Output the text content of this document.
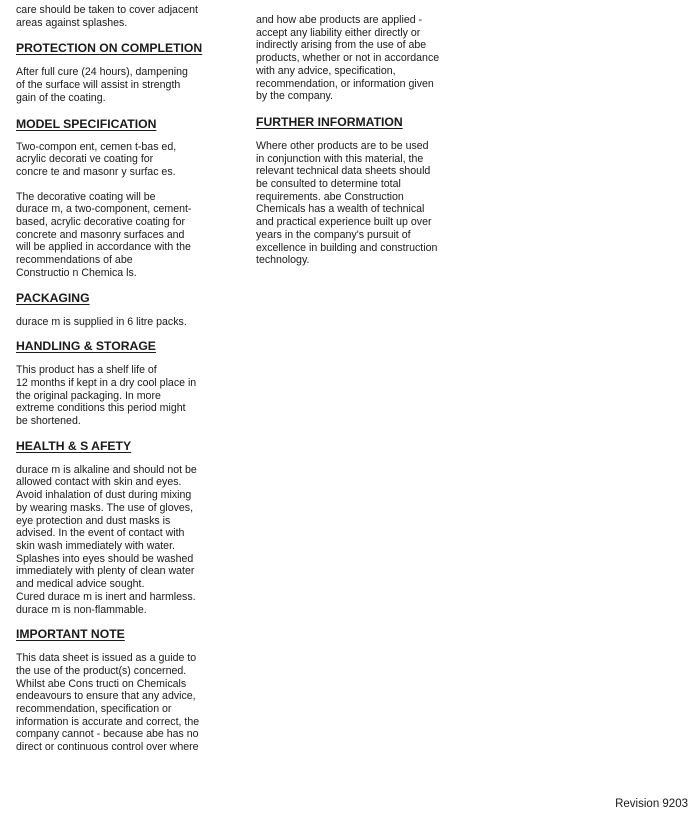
care should be taken to cover adjacent
areas against splashes.

PROTECTION ON COMPLETION

After full cure (24 hours), dampening
of the surface will assist in strength
gain of the coating.

MODEL SPECIFICATION

Two-compon ent, cemen t-bas ed,
acrylic decorati ve coating for
concre te and masonr y surfac es.

The decorative coating will be
durace m, a two-component, cement-
based, acrylic decorative coating for
concrete and masonry surfaces and
will be applied in accordance with the
recommendations of abe
Constructio n Chemica ls.

PACKAGING

durace m is supplied in 6 litre packs.

HANDLING & STORAGE

This product has a shelf life of
12 months if kept in a dry cool place in
the original packaging. In more
extreme conditions this period might
be shortened.

HEALTH & S AFETY

durace m is alkaline and should not be
allowed contact with skin and eyes.
Avoid inhalation of dust during mixing
by wearing masks. The use of gloves,
eye protection and dust masks is
advised. In the event of contact with
skin wash immediately with water.
Splashes into eyes should be washed
immediately with plenty of clean water
and medical advice sought.
Cured durace m is inert and harmless.
durace m is non-flammable.

IMPORTANT NOTE

This data sheet is issued as a guide to
the use of the product(s) concerned.
Whilst abe Cons tructi on Chemicals
endeavours to ensure that any advice,
recommendation, specification or
information is accurate and correct, the
company cannot - because abe has no
direct or continuous control over where

and how abe products are applied -
accept any liability either directly or
indirectly arising from the use of abe
products, whether or not in accordance
with any advice, specification,
recommendation, or information given
by the company.

FURTHER INFORMATION

Where other products are to be used
in conjunction with this material, the
relevant technical data sheets should
be consulted to determine total
requirements. abe Construction
Chemicals has a wealth of technical
and practical experience built up over
years in the company's pursuit of
excellence in building and construction
technology.

Revision 9203
